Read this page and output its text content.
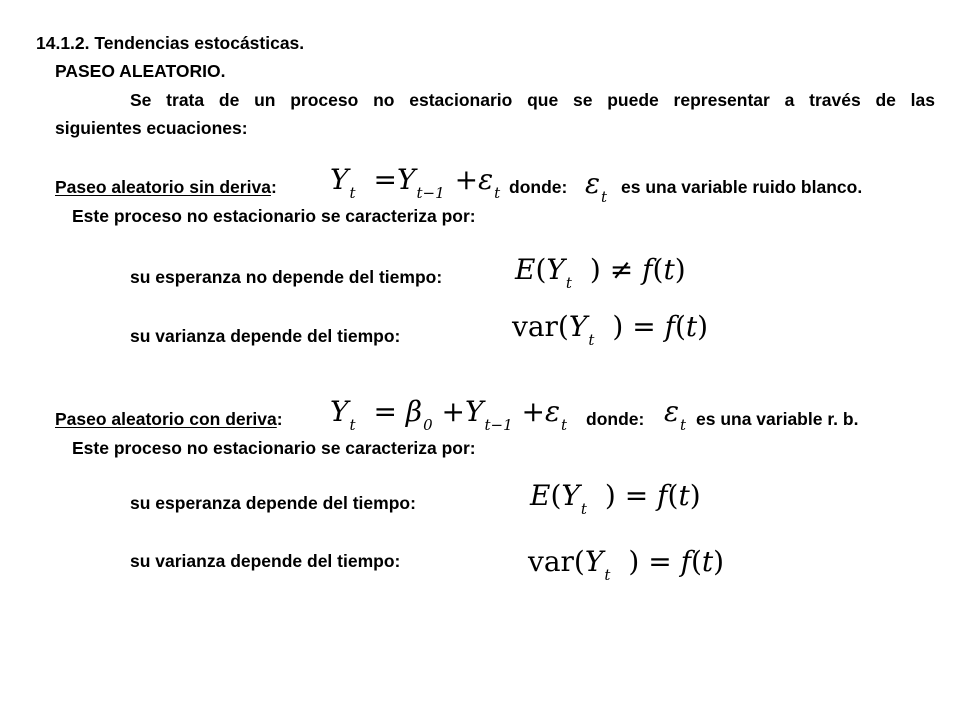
14.1.2. Tendencias estocásticas.
PASEO ALEATORIO.
Se trata de un proceso no estacionario que se puede representar a través de las
siguientes ecuaciones:
Paseo aleatorio sin deriva: $Y_t =Y_{t-1} +\varepsilon_t$ donde: $\varepsilon_t$ es una variable ruido blanco.
Este proceso no estacionario se caracteriza por:
su esperanza no depende del tiempo:	$E(Y_t$ ) ≠ f(t)
su varianza depende del tiempo:	$var(Y_t$ ) = f(t)
Paseo aleatorio con deriva: $Y_t = \beta_0 +Y_{t-1} +\varepsilon_t$ donde: $\varepsilon_t$ es una variable r. b.
Este proceso no estacionario se caracteriza por:
su esperanza depende del tiempo:	$E(Y_t$ ) = f(t)
su varianza depende del tiempo:	$var(Y_t$ ) = f(t)
